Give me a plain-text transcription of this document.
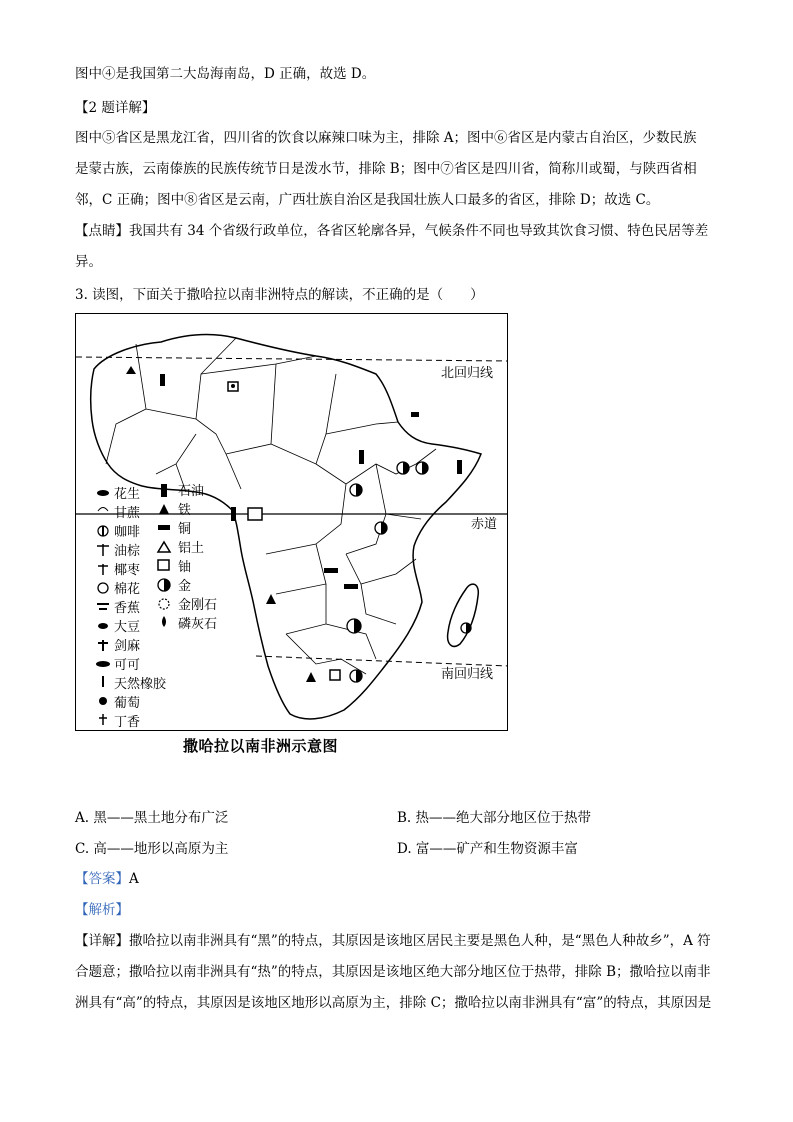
图中④是我国第二大岛海南岛，D 正确，故选 D。
【2 题详解】
图中⑤省区是黑龙江省，四川省的饮食以麻辣口味为主，排除 A；图中⑥省区是内蒙古自治区，少数民族
是蒙古族，云南傣族的民族传统节日是泼水节，排除 B；图中⑦省区是四川省，简称川或蜀，与陕西省相
邻，C 正确；图中⑧省区是云南，广西壮族自治区是我国壮族人口最多的省区，排除 D；故选 C。
【点睛】我国共有 34 个省级行政单位，各省区轮廓各异，气候条件不同也导致其饮食习惯、特色民居等差
异。
3. 读图，下面关于撒哈拉以南非洲特点的解读，不正确的是（　　）
北回归线
赤道
南回归线
花生
甘蔗
咖啡
油棕
椰枣
棉花
香蕉
大豆
剑麻
可可
天然橡胶
葡萄
丁香
石油
铁
铜
铝土
铀
金
金刚石
磷灰石
撒哈拉以南非洲示意图
A. 黑——黑土地分布广泛	B. 热——绝大部分地区位于热带
C. 高——地形以高原为主	D. 富——矿产和生物资源丰富
【答案】A
【解析】
【详解】撒哈拉以南非洲具有“黑”的特点，其原因是该地区居民主要是黑色人种，是“黑色人种故乡”，A 符
合题意；撒哈拉以南非洲具有“热”的特点，其原因是该地区绝大部分地区位于热带，排除 B；撒哈拉以南非
洲具有“高”的特点，其原因是该地区地形以高原为主，排除 C；撒哈拉以南非洲具有“富”的特点，其原因是
